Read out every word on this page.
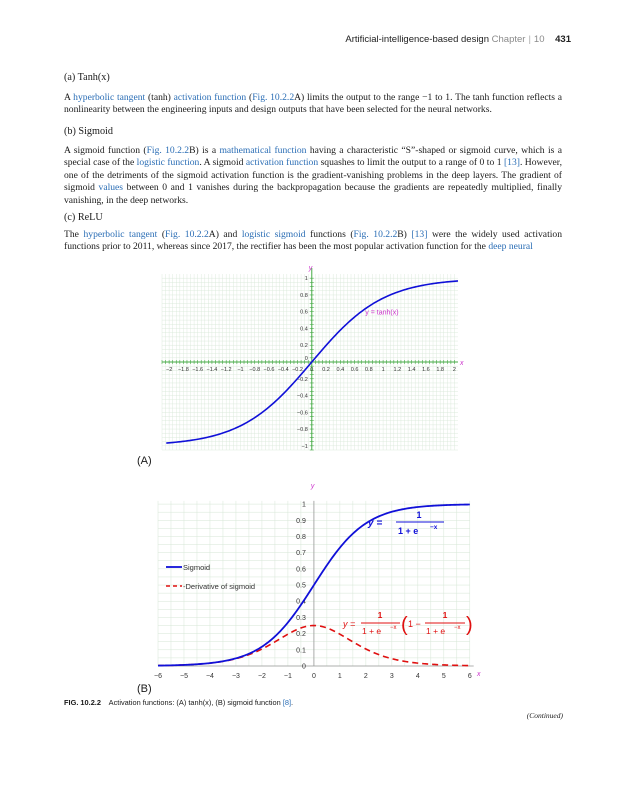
Artificial-intelligence-based design Chapter | 10 431
(a) Tanh(x)
A hyperbolic tangent (tanh) activation function (Fig. 10.2.2A) limits the output to the range −1 to 1. The tanh function reflects a nonlinearity between the engineering inputs and design outputs that have been selected for the neural networks.
(b) Sigmoid
A sigmoid function (Fig. 10.2.2B) is a mathematical function having a characteristic “S”-shaped or sigmoid curve, which is a special case of the logistic function. A sigmoid activation function squashes to limit the output to a range of 0 to 1 [13]. However, one of the detriments of the sigmoid activation function is the gradient-vanishing problems in the deep layers. The gradient of sigmoid values between 0 and 1 vanishes during the backpropagation because the gradients are repeatedly multiplied, finally vanishing, in the deep networks.
(c) ReLU
The hyperbolic tangent (Fig. 10.2.2A) and logistic sigmoid functions (Fig. 10.2.2B) [13] were the widely used activation functions prior to 2011, whereas since 2017, the rectifier has been the most popular activation function for the deep neural
−2 −1.8 −1.6 −1.4 −1.2 −1 −0.8 −0.6 −0.4 −0.2 0 0.2 0.4 0.6 0.8 1 1.2 1.4 1.6 1.8 2
−1
−0.8
−0.6
−0.4
−0.2
0.2
0.4
0.6
0.8
1
0
y
x
y = tanh(x)
(A)
−6	−5	−4	−3	−2	−1	0	1	2	3	4	5	6
0
0.1
0.2
0.3
0.4
0.5
0.6
0.7
0.8
0.9
1
y
x
Sigmoid
-Derivative of sigmoid
y =
1
1 + e −x
y =
1
1 + e −x ( 1 −
1
1 + e −x )
(B)
FIG. 10.2.2 Activation functions: (A) tanh(x), (B) sigmoid function [8].
(Continued)
